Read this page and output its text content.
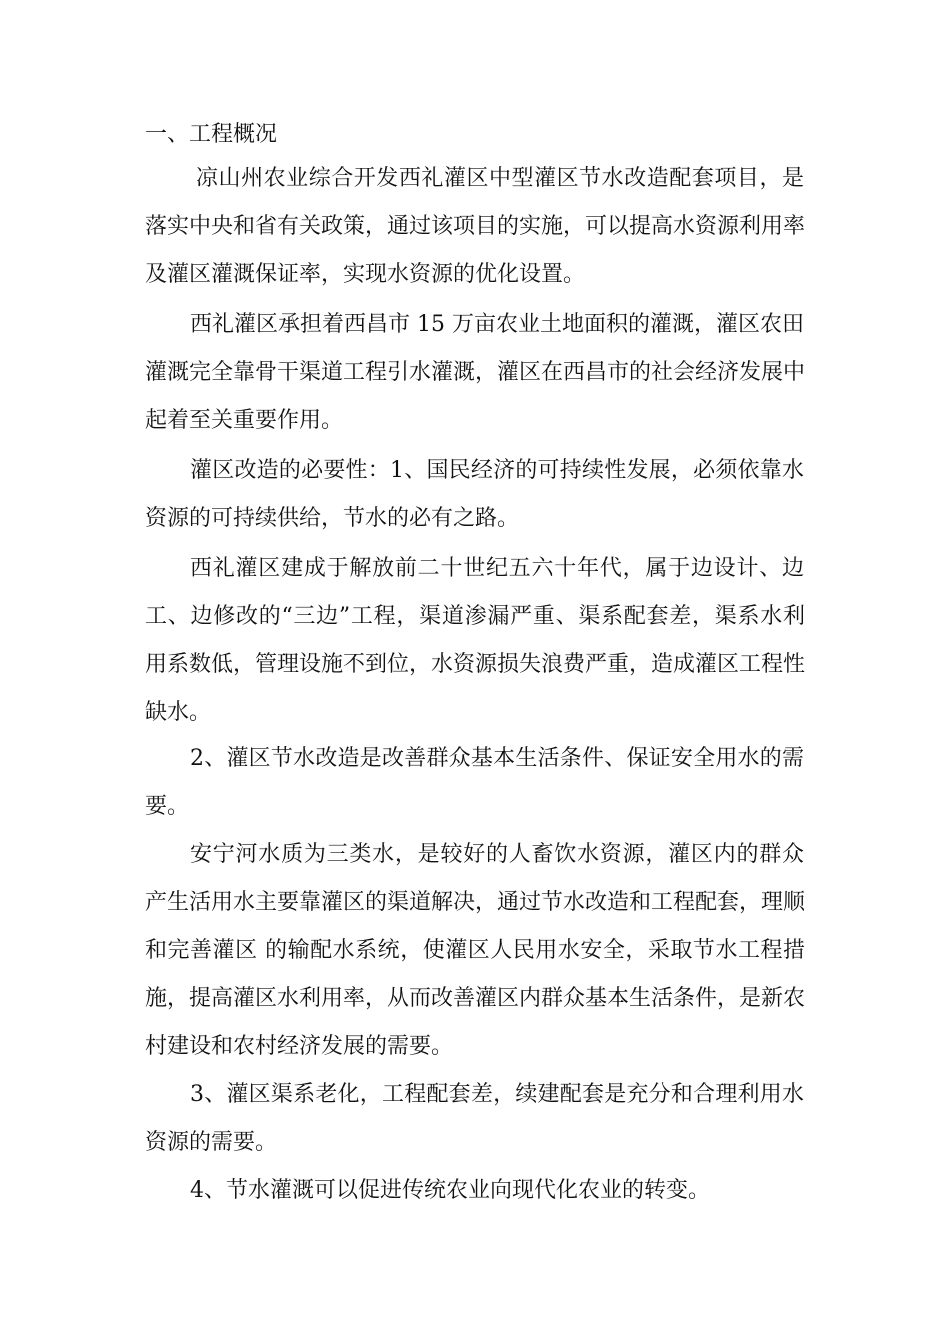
一、工程概况
凉山州农业综合开发西礼灌区中型灌区节水改造配套项目，是
落实中央和省有关政策，通过该项目的实施，可以提高水资源利用率
及灌区灌溉保证率，实现水资源的优化设置。
西礼灌区承担着西昌市 15 万亩农业土地面积的灌溉，灌区农田
灌溉完全靠骨干渠道工程引水灌溉，灌区在西昌市的社会经济发展中
起着至关重要作用。
灌区改造的必要性：1、国民经济的可持续性发展，必须依靠水
资源的可持续供给，节水的必有之路。
西礼灌区建成于解放前二十世纪五六十年代，属于边设计、边
工、边修改的“三边”工程，渠道渗漏严重、渠系配套差，渠系水利
用系数低，管理设施不到位，水资源损失浪费严重，造成灌区工程性
缺水。
2、灌区节水改造是改善群众基本生活条件、保证安全用水的需
要。
安宁河水质为三类水，是较好的人畜饮水资源，灌区内的群众
产生活用水主要靠灌区的渠道解决，通过节水改造和工程配套，理顺
和完善灌区 的输配水系统，使灌区人民用水安全，采取节水工程措
施，提高灌区水利用率，从而改善灌区内群众基本生活条件，是新农
村建设和农村经济发展的需要。
3、灌区渠系老化，工程配套差，续建配套是充分和合理利用水
资源的需要。
4、节水灌溉可以促进传统农业向现代化农业的转变。
